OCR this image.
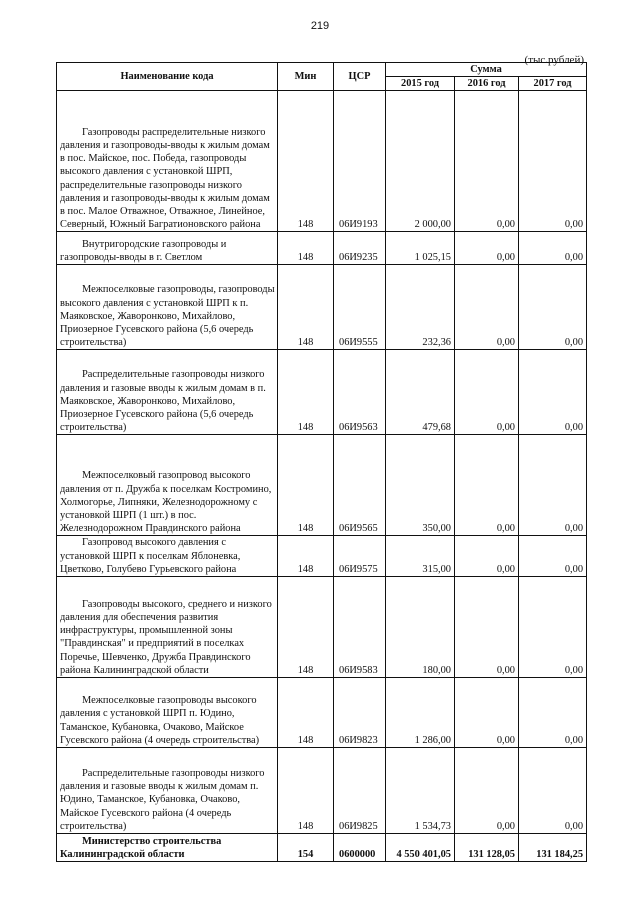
219
(тыс.рублей)
Наименование кода	Мин	ЦСР	Сумма		
			2015 год	2016 год	2017 год
Газопроводы распределительные низкого давления и газопроводы-вводы к жилым домам в пос. Майское, пос. Победа, газопроводы высокого давления с установкой ШРП, распределительные газопроводы низкого давления и газопроводы-вводы к жилым домам в пос. Малое Отважное, Отважное, Линейное, Северный, Южный Багратионовского района	148	06И9193	2 000,00	0,00	0,00
Внутригородские газопроводы и газопроводы-вводы в г. Светлом	148	06И9235	1 025,15	0,00	0,00
Межпоселковые газопроводы, газопроводы высокого давления с установкой ШРП к п. Маяковское, Жаворонково, Михайлово, Приозерное Гусевского района (5,6 очередь строительства)	148	06И9555	232,36	0,00	0,00
Распределительные газопроводы низкого давления и газовые вводы к жилым домам в п. Маяковское, Жаворонково, Михайлово, Приозерное Гусевского района (5,6 очередь строительства)	148	06И9563	479,68	0,00	0,00
Межпоселковый газопровод высокого давления от п. Дружба к поселкам Костромино, Холмогорье, Липняки, Железнодорожному с установкой ШРП (1 шт.) в пос. Железнодорожном Правдинского района	148	06И9565	350,00	0,00	0,00
Газопровод высокого давления с установкой ШРП к поселкам Яблоневка, Цветково, Голубево Гурьевского района	148	06И9575	315,00	0,00	0,00
Газопроводы высокого, среднего и низкого давления для обеспечения развития инфраструктуры, промышленной зоны "Правдинская" и предприятий в поселках Поречье, Шевченко, Дружба Правдинского района Калининградской области	148	06И9583	180,00	0,00	0,00
Межпоселковые газопроводы высокого давления с установкой ШРП п. Юдино, Таманское, Кубановка, Очаково, Майское Гусевского района (4 очередь строительства)	148	06И9823	1 286,00	0,00	0,00
Распределительные газопроводы низкого давления и газовые вводы к жилым домам п. Юдино, Таманское, Кубановка, Очаково, Майское Гусевского района (4 очередь строительства)	148	06И9825	1 534,73	0,00	0,00
Министерство строительства Калининградской области	154	0600000	4 550 401,05	131 128,05	131 184,25
